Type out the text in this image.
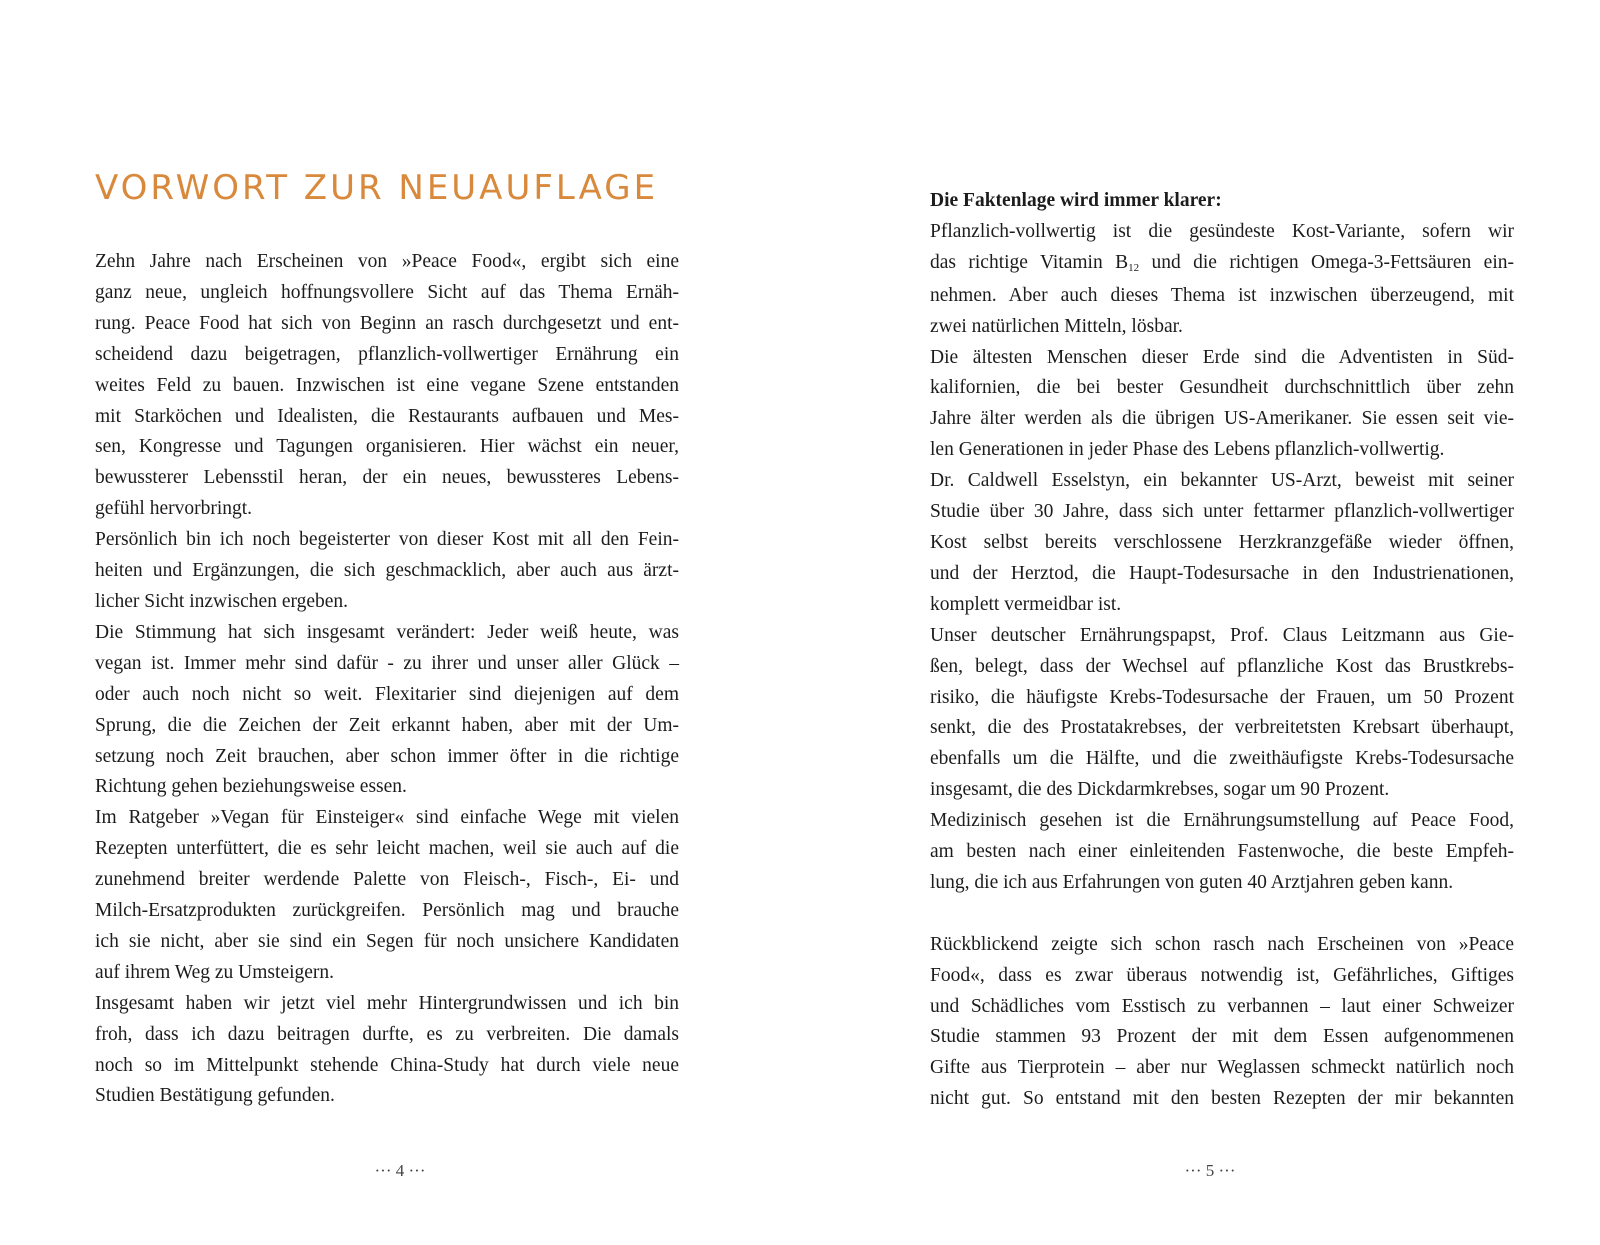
VORWORT ZUR NEUAUFLAGE

Zehn Jahre nach Erscheinen von »Peace Food«, ergibt sich eine
ganz neue, ungleich hoffnungsvollere Sicht auf das Thema Ernäh-
rung. Peace Food hat sich von Beginn an rasch durchgesetzt und ent-
scheidend dazu beigetragen, pflanzlich-vollwertiger Ernährung ein
weites Feld zu bauen. Inzwischen ist eine vegane Szene entstanden
mit Starköchen und Idealisten, die Restaurants aufbauen und Mes-
sen, Kongresse und Tagungen organisieren. Hier wächst ein neuer,
bewussterer Lebensstil heran, der ein neues, bewussteres Lebens-
gefühl hervorbringt.

Persönlich bin ich noch begeisterter von dieser Kost mit all den Fein-
heiten und Ergänzungen, die sich geschmacklich, aber auch aus ärzt-
licher Sicht inzwischen ergeben.

Die Stimmung hat sich insgesamt verändert: Jeder weiß heute, was
vegan ist. Immer mehr sind dafür - zu ihrer und unser aller Glück –
oder auch noch nicht so weit. Flexitarier sind diejenigen auf dem
Sprung, die die Zeichen der Zeit erkannt haben, aber mit der Um-
setzung noch Zeit brauchen, aber schon immer öfter in die richtige
Richtung gehen beziehungsweise essen.

Im Ratgeber »Vegan für Einsteiger« sind einfache Wege mit vielen
Rezepten unterfüttert, die es sehr leicht machen, weil sie auch auf die
zunehmend breiter werdende Palette von Fleisch-, Fisch-, Ei- und
Milch-Ersatzprodukten zurückgreifen. Persönlich mag und brauche
ich sie nicht, aber sie sind ein Segen für noch unsichere Kandidaten
auf ihrem Weg zu Umsteigern.

Insgesamt haben wir jetzt viel mehr Hintergrundwissen und ich bin
froh, dass ich dazu beitragen durfte, es zu verbreiten. Die damals
noch so im Mittelpunkt stehende China-Study hat durch viele neue
Studien Bestätigung gefunden.

··· 4 ···

Die Faktenlage wird immer klarer:

Pflanzlich-vollwertig ist die gesündeste Kost-Variante, sofern wir
das richtige Vitamin $B_{12}$ und die richtigen Omega-3-Fettsäuren ein-
nehmen. Aber auch dieses Thema ist inzwischen überzeugend, mit
zwei natürlichen Mitteln, lösbar.

Die ältesten Menschen dieser Erde sind die Adventisten in Süd-
kalifornien, die bei bester Gesundheit durchschnittlich über zehn
Jahre älter werden als die übrigen US-Amerikaner. Sie essen seit vie-
len Generationen in jeder Phase des Lebens pflanzlich-vollwertig.

Dr. Caldwell Esselstyn, ein bekannter US-Arzt, beweist mit seiner
Studie über 30 Jahre, dass sich unter fettarmer pflanzlich-vollwertiger
Kost selbst bereits verschlossene Herzkranzgefäße wieder öffnen,
und der Herztod, die Haupt-Todesursache in den Industrienationen,
komplett vermeidbar ist.

Unser deutscher Ernährungspapst, Prof. Claus Leitzmann aus Gie-
ßen, belegt, dass der Wechsel auf pflanzliche Kost das Brustkrebs-
risiko, die häufigste Krebs-Todesursache der Frauen, um 50 Prozent
senkt, die des Prostatakrebses, der verbreitetsten Krebsart überhaupt,
ebenfalls um die Hälfte, und die zweithäufigste Krebs-Todesursache
insgesamt, die des Dickdarmkrebses, sogar um 90 Prozent.

Medizinisch gesehen ist die Ernährungsumstellung auf Peace Food,
am besten nach einer einleitenden Fastenwoche, die beste Empfeh-
lung, die ich aus Erfahrungen von guten 40 Arztjahren geben kann.

Rückblickend zeigte sich schon rasch nach Erscheinen von »Peace
Food«, dass es zwar überaus notwendig ist, Gefährliches, Giftiges
und Schädliches vom Esstisch zu verbannen – laut einer Schweizer
Studie stammen 93 Prozent der mit dem Essen aufgenommenen
Gifte aus Tierprotein – aber nur Weglassen schmeckt natürlich noch
nicht gut. So entstand mit den besten Rezepten der mir bekannten

··· 5 ···
